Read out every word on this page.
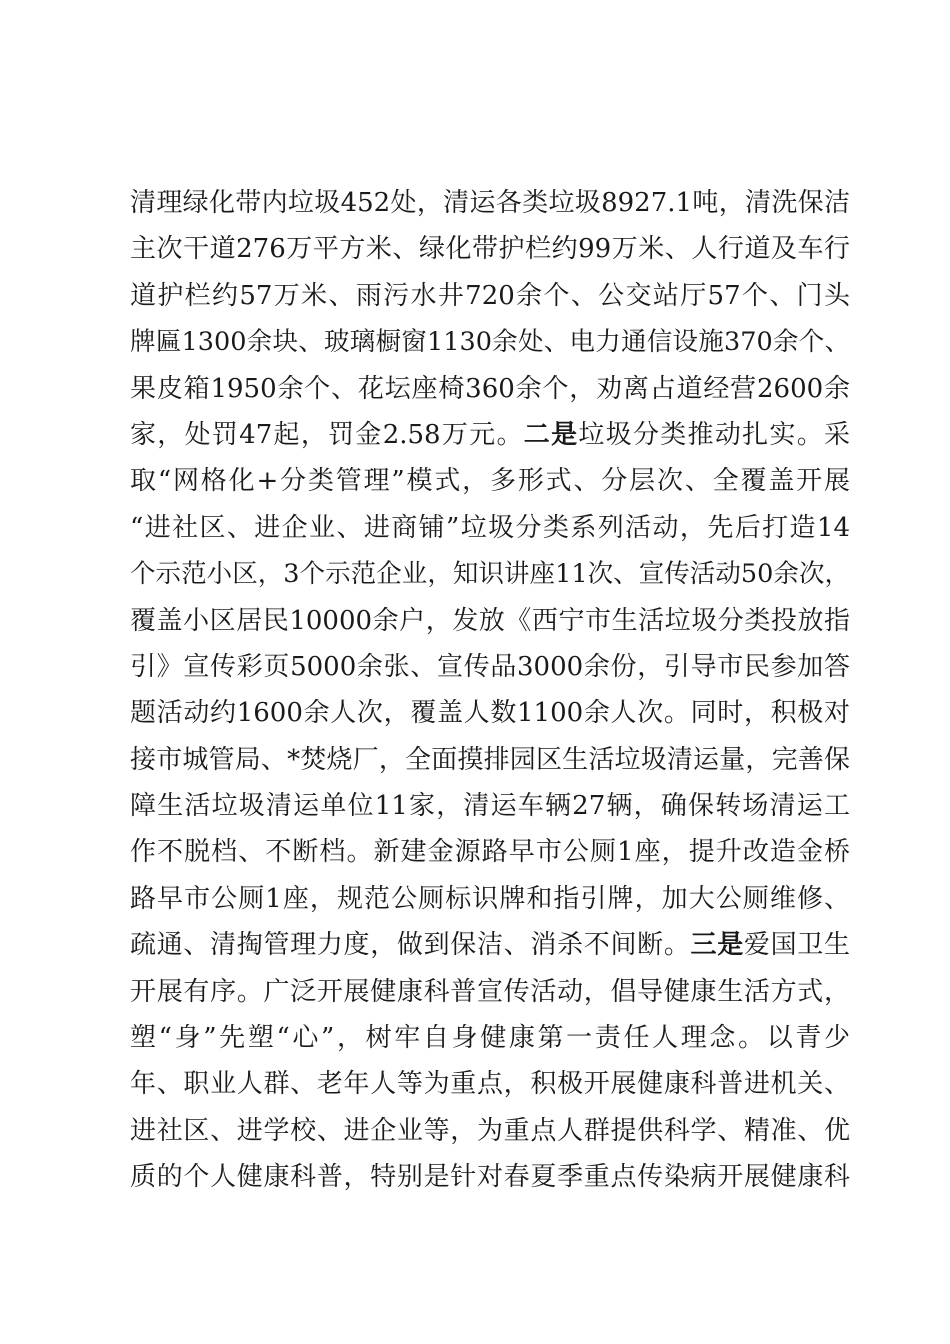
清理绿化带内垃圾452处，清运各类垃圾8927.1吨，清洗保洁
主次干道276万平方米、绿化带护栏约99万米、人行道及车行
道护栏约57万米、雨污水井720余个、公交站厅57个、门头
牌匾1300余块、玻璃橱窗1130余处、电力通信设施370余个、
果皮箱1950余个、花坛座椅360余个，劝离占道经营2600余
家，处罚47起，罚金2.58万元。二是垃圾分类推动扎实。采
取“网格化+分类管理”模式，多形式、分层次、全覆盖开展
“进社区、进企业、进商铺”垃圾分类系列活动，先后打造14
个示范小区，3个示范企业，知识讲座11次、宣传活动50余次，
覆盖小区居民10000余户，发放《西宁市生活垃圾分类投放指
引》宣传彩页5000余张、宣传品3000余份，引导市民参加答
题活动约1600余人次，覆盖人数1100余人次。同时，积极对
接市城管局、*焚烧厂，全面摸排园区生活垃圾清运量，完善保
障生活垃圾清运单位11家，清运车辆27辆，确保转场清运工
作不脱档、不断档。新建金源路早市公厕1座，提升改造金桥
路早市公厕1座，规范公厕标识牌和指引牌，加大公厕维修、
疏通、清掏管理力度，做到保洁、消杀不间断。三是爱国卫生
开展有序。广泛开展健康科普宣传活动，倡导健康生活方式，
塑“身”先塑“心”，树牢自身健康第一责任人理念。以青少
年、职业人群、老年人等为重点，积极开展健康科普进机关、
进社区、进学校、进企业等，为重点人群提供科学、精准、优
质的个人健康科普，特别是针对春夏季重点传染病开展健康科
